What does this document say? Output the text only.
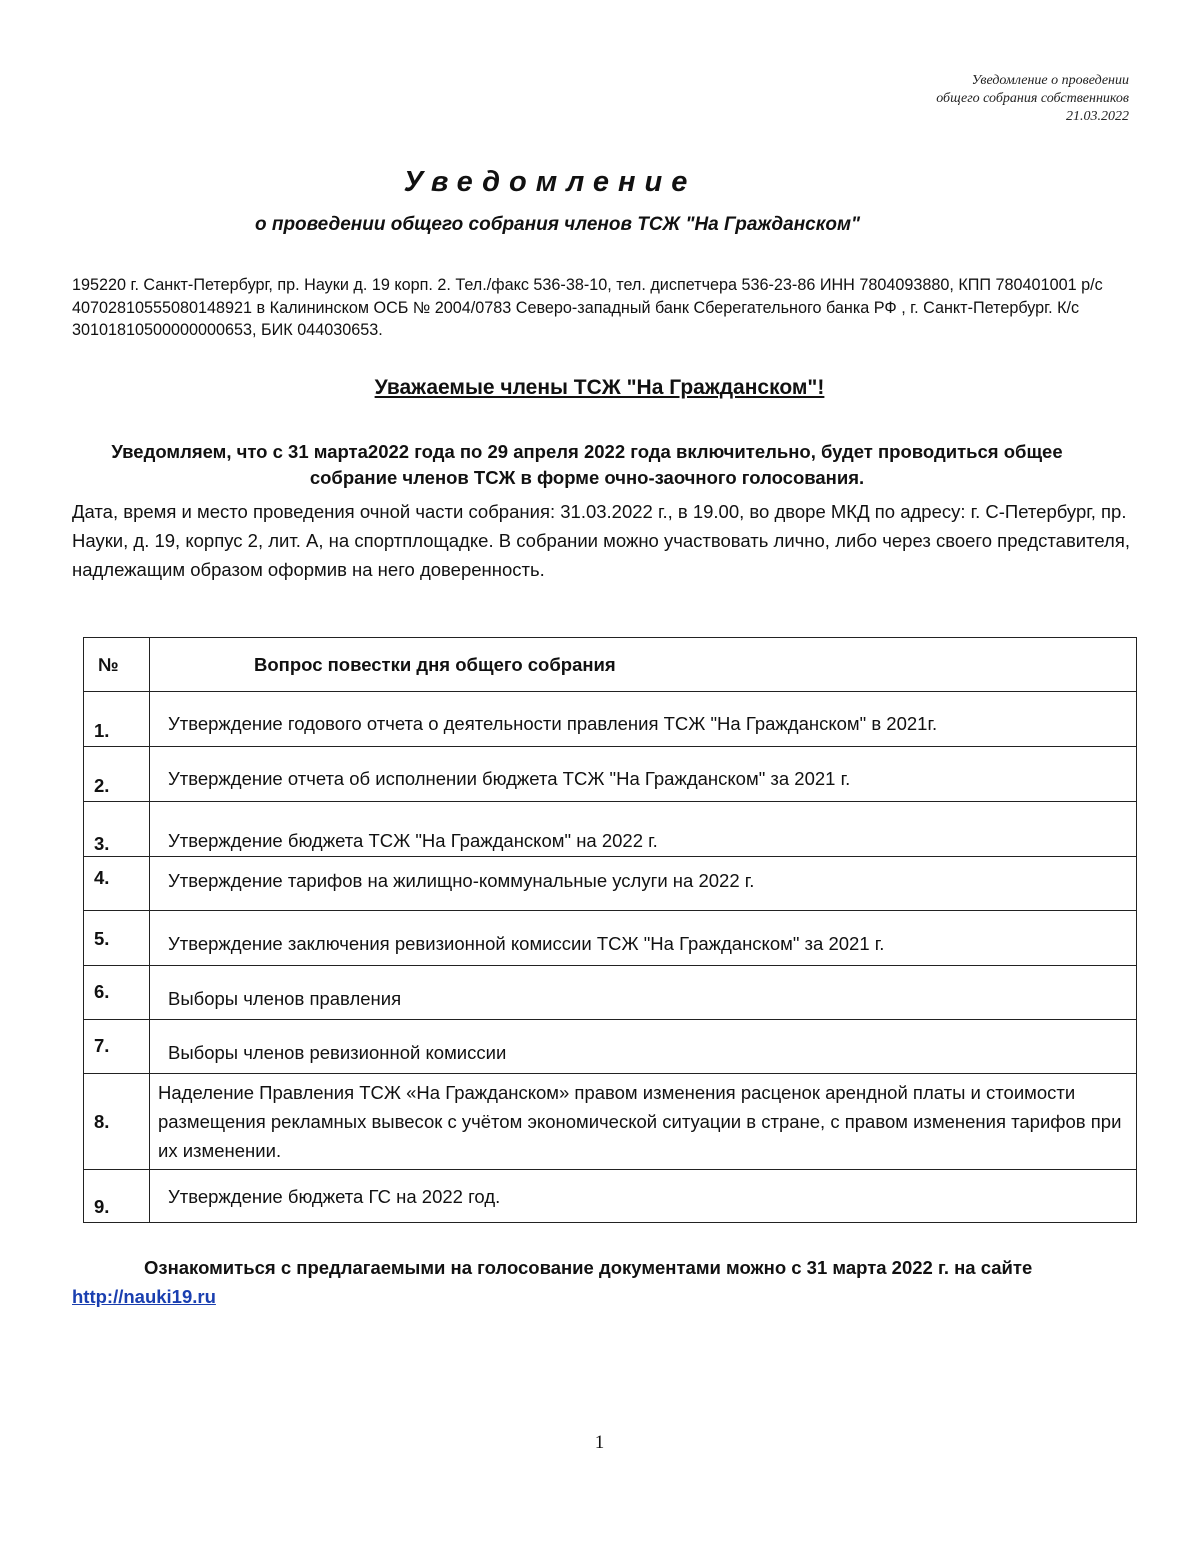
Уведомление о проведении
общего собрания собственников
21.03.2022
Уведомление
о проведении общего собрания членов ТСЖ "На Гражданском"
195220 г. Санкт-Петербург, пр. Науки д. 19 корп. 2. Тел./факс 536-38-10, тел. диспетчера 536-23-86 ИНН 7804093880, КПП 780401001 р/с 40702810555080148921 в Калининском ОСБ № 2004/0783 Северо-западный банк Сберегательного банка РФ , г. Санкт-Петербург. К/с 30101810500000000653, БИК 044030653.
Уважаемые члены ТСЖ "На Гражданском"!
Уведомляем, что с 31 марта2022 года по 29 апреля 2022 года включительно, будет проводиться общее собрание членов ТСЖ в форме очно-заочного голосования.
Дата, время и место проведения очной части собрания: 31.03.2022 г., в 19.00, во дворе МКД по адресу: г. С-Петербург, пр. Науки, д. 19, корпус 2, лит. А, на спортплощадке. В собрании можно участвовать лично, либо через своего представителя, надлежащим образом оформив на него доверенность.
№	Вопрос повестки дня общего собрания
1.	Утверждение годового отчета о деятельности правления ТСЖ "На Гражданском" в 2021г.
2.	Утверждение отчета об исполнении бюджета ТСЖ "На Гражданском" за 2021 г.
3.	Утверждение бюджета ТСЖ "На Гражданском" на 2022 г.
4.	Утверждение тарифов на жилищно-коммунальные услуги на 2022 г.
5.	Утверждение заключения ревизионной комиссии ТСЖ "На Гражданском" за 2021 г.
6.	Выборы членов правления
7.	Выборы членов ревизионной комиссии
8.	Наделение Правления ТСЖ «На Гражданском» правом изменения расценок арендной платы и стоимости размещения рекламных вывесок с учётом экономической ситуации в стране, с правом изменения тарифов при их изменении.
9.	Утверждение бюджета ГС на 2022 год.
Ознакомиться с предлагаемыми на голосование документами можно с 31 марта 2022 г. на сайте http://nauki19.ru
1
